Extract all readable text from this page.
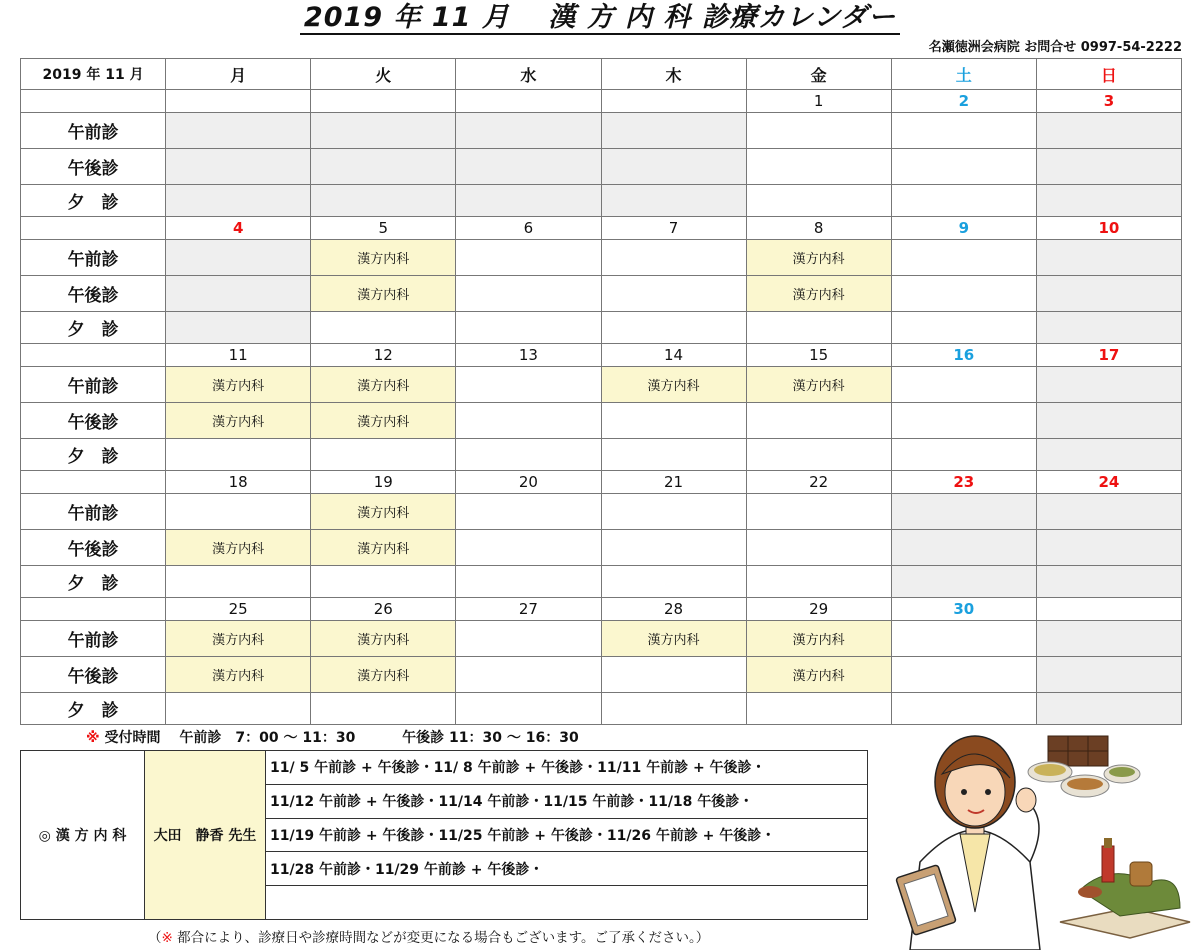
2019 年 11 月　 漢 方 内 科 診療カレンダー
名瀬徳洲会病院 お問合せ 0997-54-2222
2019 年 11 月	月	火	水	木	金	土	日
					1	2	3
午前診							
午後診							
夕　診							
	4	5	6	7	8	9	10
午前診		漢方内科			漢方内科		
午後診		漢方内科			漢方内科		
夕　診							
	11	12	13	14	15	16	17
午前診	漢方内科	漢方内科		漢方内科	漢方内科		
午後診	漢方内科	漢方内科					
夕　診							
	18	19	20	21	22	23	24
午前診		漢方内科					
午後診	漢方内科	漢方内科					
夕　診							
	25	26	27	28	29	30	
午前診	漢方内科	漢方内科		漢方内科	漢方内科		
午後診	漢方内科	漢方内科			漢方内科		
夕　診							
※ 受付時間　 午前診　7：00 〜 11：30　　　 午後診 11：30 〜 16：30
◎ 漢 方 内 科	大田　静香 先生	11/ 5 午前診 + 午後診・11/ 8 午前診 + 午後診・11/11 午前診 + 午後診・
11/12 午前診 + 午後診・11/14 午前診・11/15 午前診・11/18 午後診・
11/19 午前診 + 午後診・11/25 午前診 + 午後診・11/26 午前診 + 午後診・
11/28 午前診・11/29 午前診 + 午後診・

（※ 都合により、診療日や診療時間などが変更になる場合もございます。ご了承ください。）
